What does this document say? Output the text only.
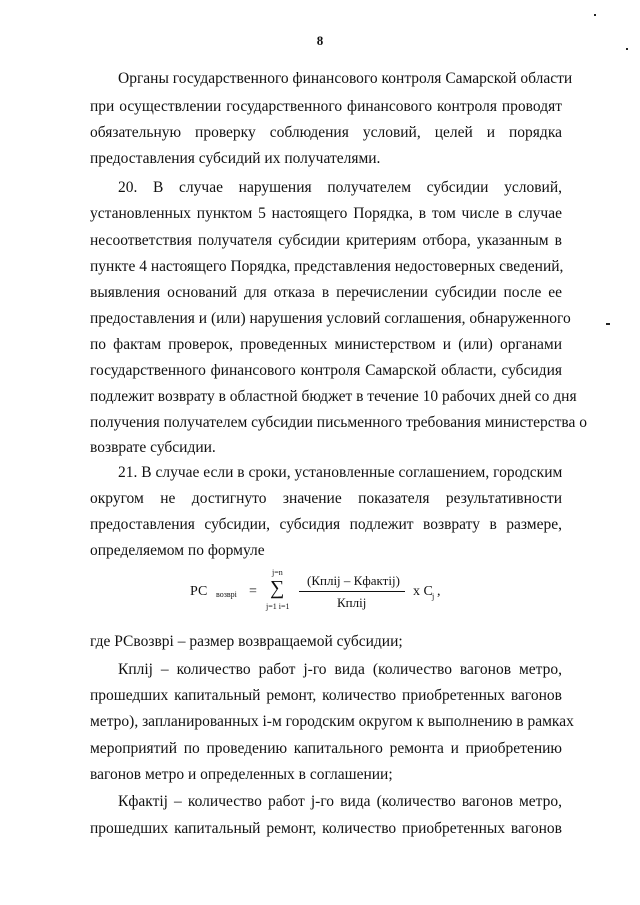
8
Органы государственного финансового контроля Самарской области
при осуществлении государственного финансового контроля проводят
обязательную проверку соблюдения условий, целей и порядка
предоставления субсидий их получателями.
20. В случае нарушения получателем субсидии условий,
установленных пунктом 5 настоящего Порядка, в том числе в случае
несоответствия получателя субсидии критериям отбора, указанным в
пункте 4 настоящего Порядка, представления недостоверных сведений,
выявления оснований для отказа в перечислении субсидии после ее
предоставления и (или) нарушения условий соглашения, обнаруженного
по фактам проверок, проведенных министерством и (или) органами
государственного финансового контроля Самарской области, субсидия
подлежит возврату в областной бюджет в течение 10 рабочих дней со дня
получения получателем субсидии письменного требования министерства о
возврате субсидии.
21. В случае если в сроки, установленные соглашением, городским
округом не достигнуто значение показателя результативности
предоставления субсидии, субсидия подлежит возврату в размере,
определяемом по формуле
где РСвозврi – размер возвращаемой субсидии;
Кплij – количество работ j-го вида (количество вагонов метро,
прошедших капитальный ремонт, количество приобретенных вагонов
метро), запланированных i-м городским округом к выполнению в рамках
мероприятий по проведению капитального ремонта и приобретению
вагонов метро и определенных в соглашении;
Кфактij – количество работ j-го вида (количество вагонов метро,
прошедших капитальный ремонт, количество приобретенных вагонов
РС возврi =
j=n
∑
j=1 i=1
(Кплij – Кфактij)
Кплij
x C j ,
